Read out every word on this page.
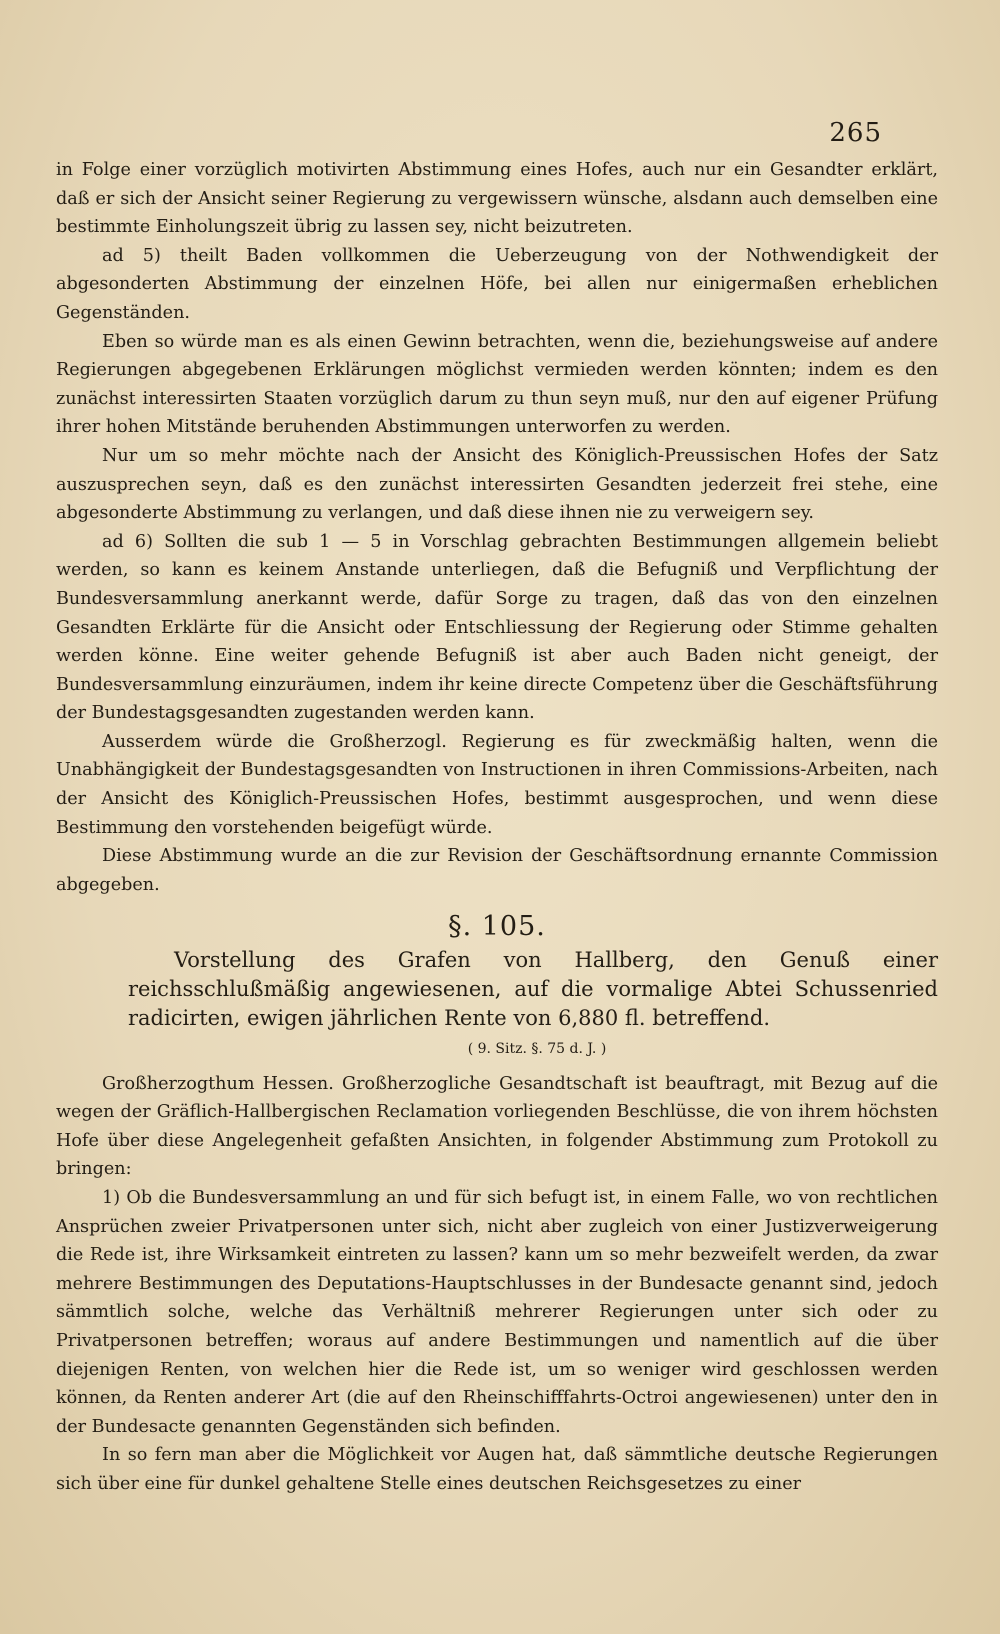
265

in Folge einer vorzüglich motivirten Abstimmung eines Hofes, auch nur ein Gesandter erklärt, daß er sich der Ansicht seiner Regierung zu vergewissern wünsche, alsdann auch demselben eine bestimmte Einholungszeit übrig zu lassen sey, nicht beizutreten.

ad 5) theilt Baden vollkommen die Ueberzeugung von der Nothwendigkeit der abgesonderten Abstimmung der einzelnen Höfe, bei allen nur einigermaßen erheblichen Gegenständen.

Eben so würde man es als einen Gewinn betrachten, wenn die, beziehungsweise auf andere Regierungen abgegebenen Erklärungen möglichst vermieden werden könnten; indem es den zunächst interessirten Staaten vorzüglich darum zu thun seyn muß, nur den auf eigener Prüfung ihrer hohen Mitstände beruhenden Abstimmungen unterworfen zu werden.

Nur um so mehr möchte nach der Ansicht des Königlich-Preussischen Hofes der Satz auszusprechen seyn, daß es den zunächst interessirten Gesandten jederzeit frei stehe, eine abgesonderte Abstimmung zu verlangen, und daß diese ihnen nie zu verweigern sey.

ad 6) Sollten die sub 1 — 5 in Vorschlag gebrachten Bestimmungen allgemein beliebt werden, so kann es keinem Anstande unterliegen, daß die Befugniß und Verpflichtung der Bundesversammlung anerkannt werde, dafür Sorge zu tragen, daß das von den einzelnen Gesandten Erklärte für die Ansicht oder Entschliessung der Regierung oder Stimme gehalten werden könne. Eine weiter gehende Befugniß ist aber auch Baden nicht geneigt, der Bundesversammlung einzuräumen, indem ihr keine directe Competenz über die Geschäftsführung der Bundestagsgesandten zugestanden werden kann.

Ausserdem würde die Großherzogl. Regierung es für zweckmäßig halten, wenn die Unabhängigkeit der Bundestagsgesandten von Instructionen in ihren Commissions-Arbeiten, nach der Ansicht des Königlich-Preussischen Hofes, bestimmt ausgesprochen, und wenn diese Bestimmung den vorstehenden beigefügt würde.

Diese Abstimmung wurde an die zur Revision der Geschäftsordnung ernannte Commission abgegeben.

§. 105.

Vorstellung des Grafen von Hallberg, den Genuß einer reichsschlußmäßig angewiesenen, auf die vormalige Abtei Schussenried radicirten, ewigen jährlichen Rente von 6,880 fl. betreffend.

( 9. Sitz. §. 75 d. J. )

Großherzogthum Hessen. Großherzogliche Gesandtschaft ist beauftragt, mit Bezug auf die wegen der Gräflich-Hallbergischen Reclamation vorliegenden Beschlüsse, die von ihrem höchsten Hofe über diese Angelegenheit gefaßten Ansichten, in folgender Abstimmung zum Protokoll zu bringen:

1) Ob die Bundesversammlung an und für sich befugt ist, in einem Falle, wo von rechtlichen Ansprüchen zweier Privatpersonen unter sich, nicht aber zugleich von einer Justizverweigerung die Rede ist, ihre Wirksamkeit eintreten zu lassen? kann um so mehr bezweifelt werden, da zwar mehrere Bestimmungen des Deputations-Hauptschlusses in der Bundesacte genannt sind, jedoch sämmtlich solche, welche das Verhältniß mehrerer Regierungen unter sich oder zu Privatpersonen betreffen; woraus auf andere Bestimmungen und namentlich auf die über diejenigen Renten, von welchen hier die Rede ist, um so weniger wird geschlossen werden können, da Renten anderer Art (die auf den Rheinschifffahrts-Octroi angewiesenen) unter den in der Bundesacte genannten Gegenständen sich befinden.

In so fern man aber die Möglichkeit vor Augen hat, daß sämmtliche deutsche Regierungen sich über eine für dunkel gehaltene Stelle eines deutschen Reichsgesetzes zu einer
